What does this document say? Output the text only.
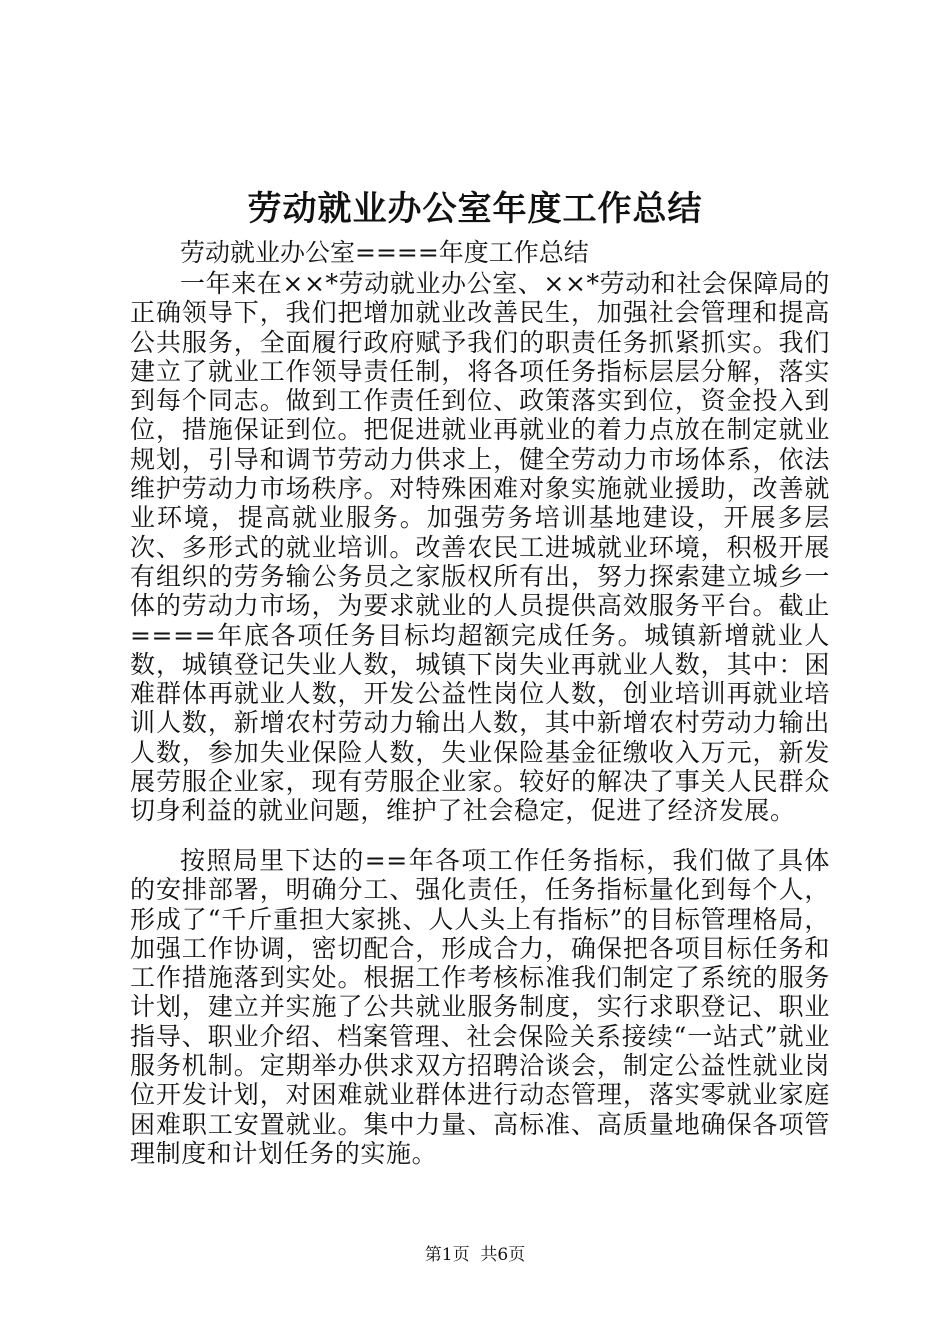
劳动就业办公室年度工作总结
劳动就业办公室====年度工作总结

一年来在××*劳动就业办公室、××*劳动和社会保障局的正确领导下，我们把增加就业改善民生，加强社会管理和提高公共服务，全面履行政府赋予我们的职责任务抓紧抓实。我们建立了就业工作领导责任制，将各项任务指标层层分解，落实到每个同志。做到工作责任到位、政策落实到位，资金投入到位，措施保证到位。把促进就业再就业的着力点放在制定就业规划，引导和调节劳动力供求上，健全劳动力市场体系，依法维护劳动力市场秩序。对特殊困难对象实施就业援助，改善就业环境，提高就业服务。加强劳务培训基地建设，开展多层次、多形式的就业培训。改善农民工进城就业环境，积极开展有组织的劳务输公务员之家版权所有出，努力探索建立城乡一体的劳动力市场，为要求就业的人员提供高效服务平台。截止====年底各项任务目标均超额完成任务。城镇新增就业人数，城镇登记失业人数，城镇下岗失业再就业人数，其中：困难群体再就业人数，开发公益性岗位人数，创业培训再就业培训人数，新增农村劳动力输出人数，其中新增农村劳动力输出人数，参加失业保险人数，失业保险基金征缴收入万元，新发展劳服企业家，现有劳服企业家。较好的解决了事关人民群众切身利益的就业问题，维护了社会稳定，促进了经济发展。

按照局里下达的==年各项工作任务指标，我们做了具体的安排部署，明确分工、强化责任，任务指标量化到每个人，形成了“千斤重担大家挑、人人头上有指标”的目标管理格局，加强工作协调，密切配合，形成合力，确保把各项目标任务和工作措施落到实处。根据工作考核标准我们制定了系统的服务计划，建立并实施了公共就业服务制度，实行求职登记、职业指导、职业介绍、档案管理、社会保险关系接续“一站式”就业服务机制。定期举办供求双方招聘洽谈会，制定公益性就业岗位开发计划，对困难就业群体进行动态管理，落实零就业家庭困难职工安置就业。集中力量、高标准、高质量地确保各项管理制度和计划任务的实施。

第1页 共6页
